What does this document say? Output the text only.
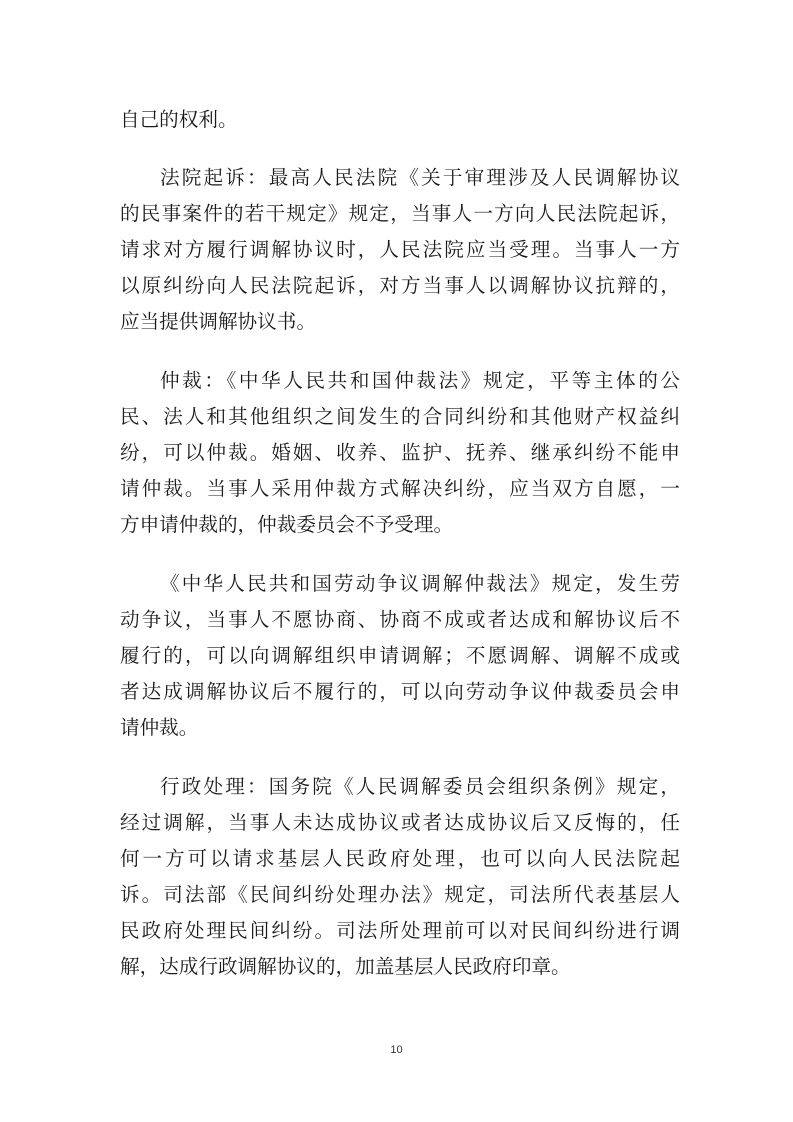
自己的权利。
法院起诉：最高人民法院《关于审理涉及人民调解协议
的民事案件的若干规定》规定，当事人一方向人民法院起诉，
请求对方履行调解协议时，人民法院应当受理。当事人一方
以原纠纷向人民法院起诉，对方当事人以调解协议抗辩的，
应当提供调解协议书。
仲裁：《中华人民共和国仲裁法》规定，平等主体的公
民、法人和其他组织之间发生的合同纠纷和其他财产权益纠
纷，可以仲裁。婚姻、收养、监护、抚养、继承纠纷不能申
请仲裁。当事人采用仲裁方式解决纠纷，应当双方自愿，一
方申请仲裁的，仲裁委员会不予受理。
《中华人民共和国劳动争议调解仲裁法》规定，发生劳
动争议，当事人不愿协商、协商不成或者达成和解协议后不
履行的，可以向调解组织申请调解；不愿调解、调解不成或
者达成调解协议后不履行的，可以向劳动争议仲裁委员会申
请仲裁。
行政处理：国务院《人民调解委员会组织条例》规定，
经过调解，当事人未达成协议或者达成协议后又反悔的，任
何一方可以请求基层人民政府处理，也可以向人民法院起
诉。司法部《民间纠纷处理办法》规定，司法所代表基层人
民政府处理民间纠纷。司法所处理前可以对民间纠纷进行调
解，达成行政调解协议的，加盖基层人民政府印章。
10
